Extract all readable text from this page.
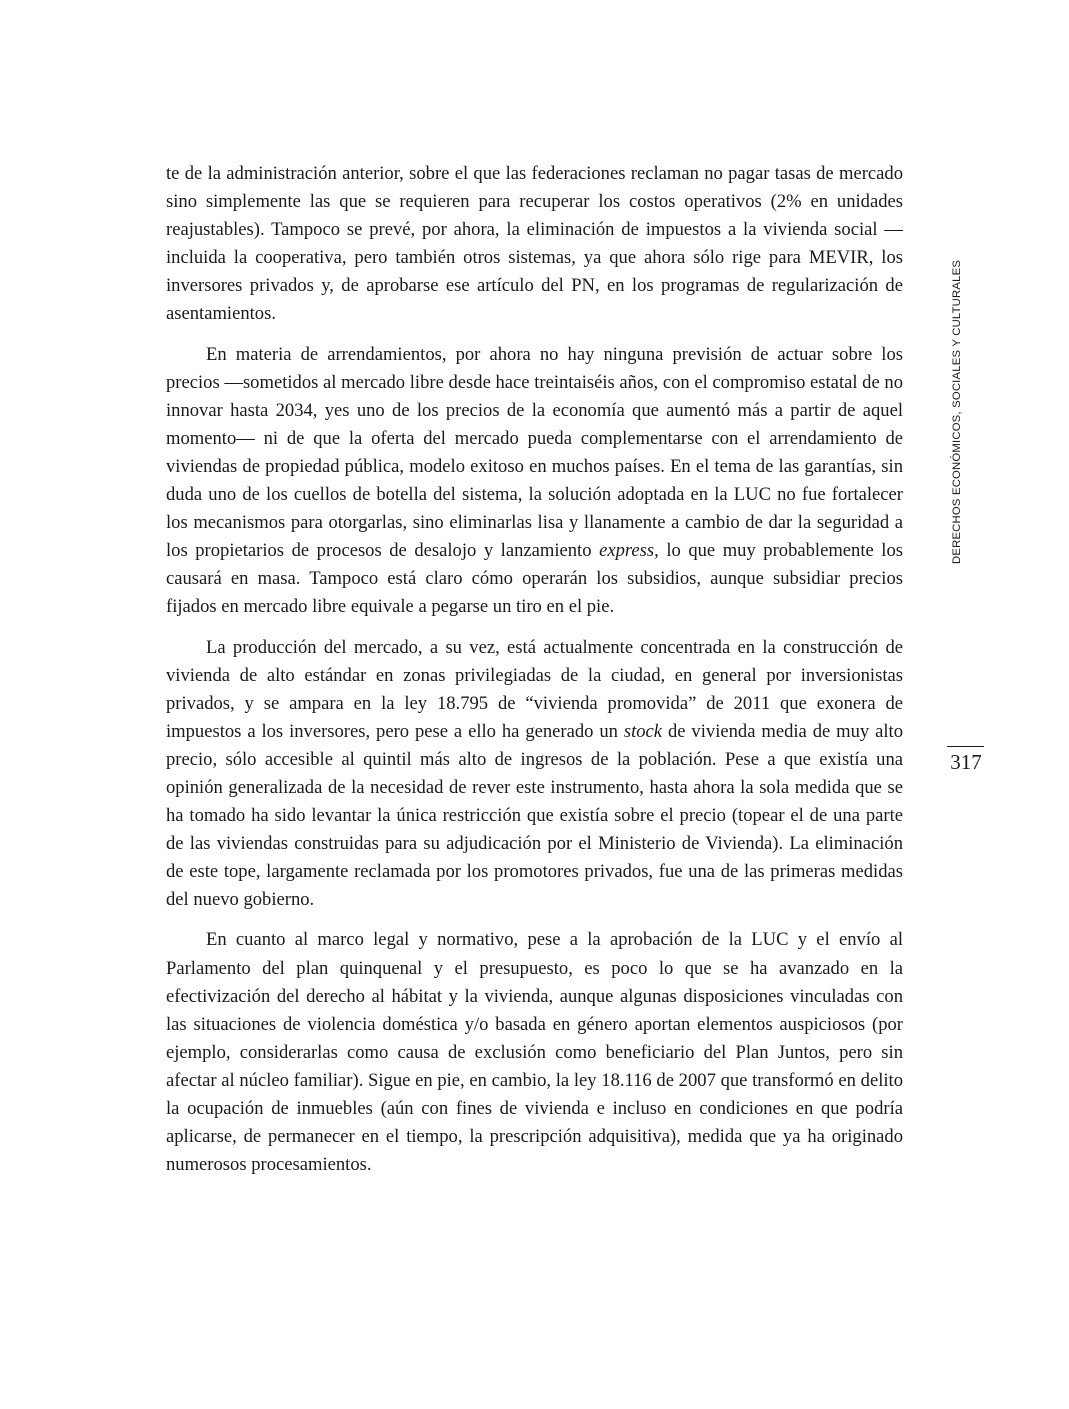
te de la administración anterior, sobre el que las federaciones reclaman no pagar tasas de mercado sino simplemente las que se requieren para recuperar los costos operativos (2% en unidades reajustables). Tampoco se prevé, por ahora, la eliminación de impuestos a la vivienda social —incluida la cooperativa, pero también otros sistemas, ya que ahora sólo rige para MEVIR, los inversores privados y, de aprobarse ese artículo del PN, en los programas de regularización de asentamientos.

En materia de arrendamientos, por ahora no hay ninguna previsión de actuar sobre los precios —sometidos al mercado libre desde hace treintaiséis años, con el compromiso estatal de no innovar hasta 2034, yes uno de los precios de la economía que aumentó más a partir de aquel momento— ni de que la oferta del mercado pueda complementarse con el arrendamiento de viviendas de propiedad pública, modelo exitoso en muchos países. En el tema de las garantías, sin duda uno de los cuellos de botella del sistema, la solución adoptada en la LUC no fue fortalecer los mecanismos para otorgarlas, sino eliminarlas lisa y llanamente a cambio de dar la seguridad a los propietarios de procesos de desalojo y lanzamiento express, lo que muy probablemente los causará en masa. Tampoco está claro cómo operarán los subsidios, aunque subsidiar precios fijados en mercado libre equivale a pegarse un tiro en el pie.

La producción del mercado, a su vez, está actualmente concentrada en la construcción de vivienda de alto estándar en zonas privilegiadas de la ciudad, en general por inversionistas privados, y se ampara en la ley 18.795 de “vivienda promovida” de 2011 que exonera de impuestos a los inversores, pero pese a ello ha generado un stock de vivienda media de muy alto precio, sólo accesible al quintil más alto de ingresos de la población. Pese a que existía una opinión generalizada de la necesidad de rever este instrumento, hasta ahora la sola medida que se ha tomado ha sido levantar la única restricción que existía sobre el precio (topear el de una parte de las viviendas construidas para su adjudicación por el Ministerio de Vivienda). La eliminación de este tope, largamente reclamada por los promotores privados, fue una de las primeras medidas del nuevo gobierno.

En cuanto al marco legal y normativo, pese a la aprobación de la LUC y el envío al Parlamento del plan quinquenal y el presupuesto, es poco lo que se ha avanzado en la efectivización del derecho al hábitat y la vivienda, aunque algunas disposiciones vinculadas con las situaciones de violencia doméstica y/o basada en género aportan elementos auspiciosos (por ejemplo, considerarlas como causa de exclusión como beneficiario del Plan Juntos, pero sin afectar al núcleo familiar). Sigue en pie, en cambio, la ley 18.116 de 2007 que transformó en delito la ocupación de inmuebles (aún con fines de vivienda e incluso en condiciones en que podría aplicarse, de permanecer en el tiempo, la prescripción adquisitiva), medida que ya ha originado numerosos procesamientos.

DERECHOS ECONÓMICOS, SOCIALES Y CULTURALES
317
